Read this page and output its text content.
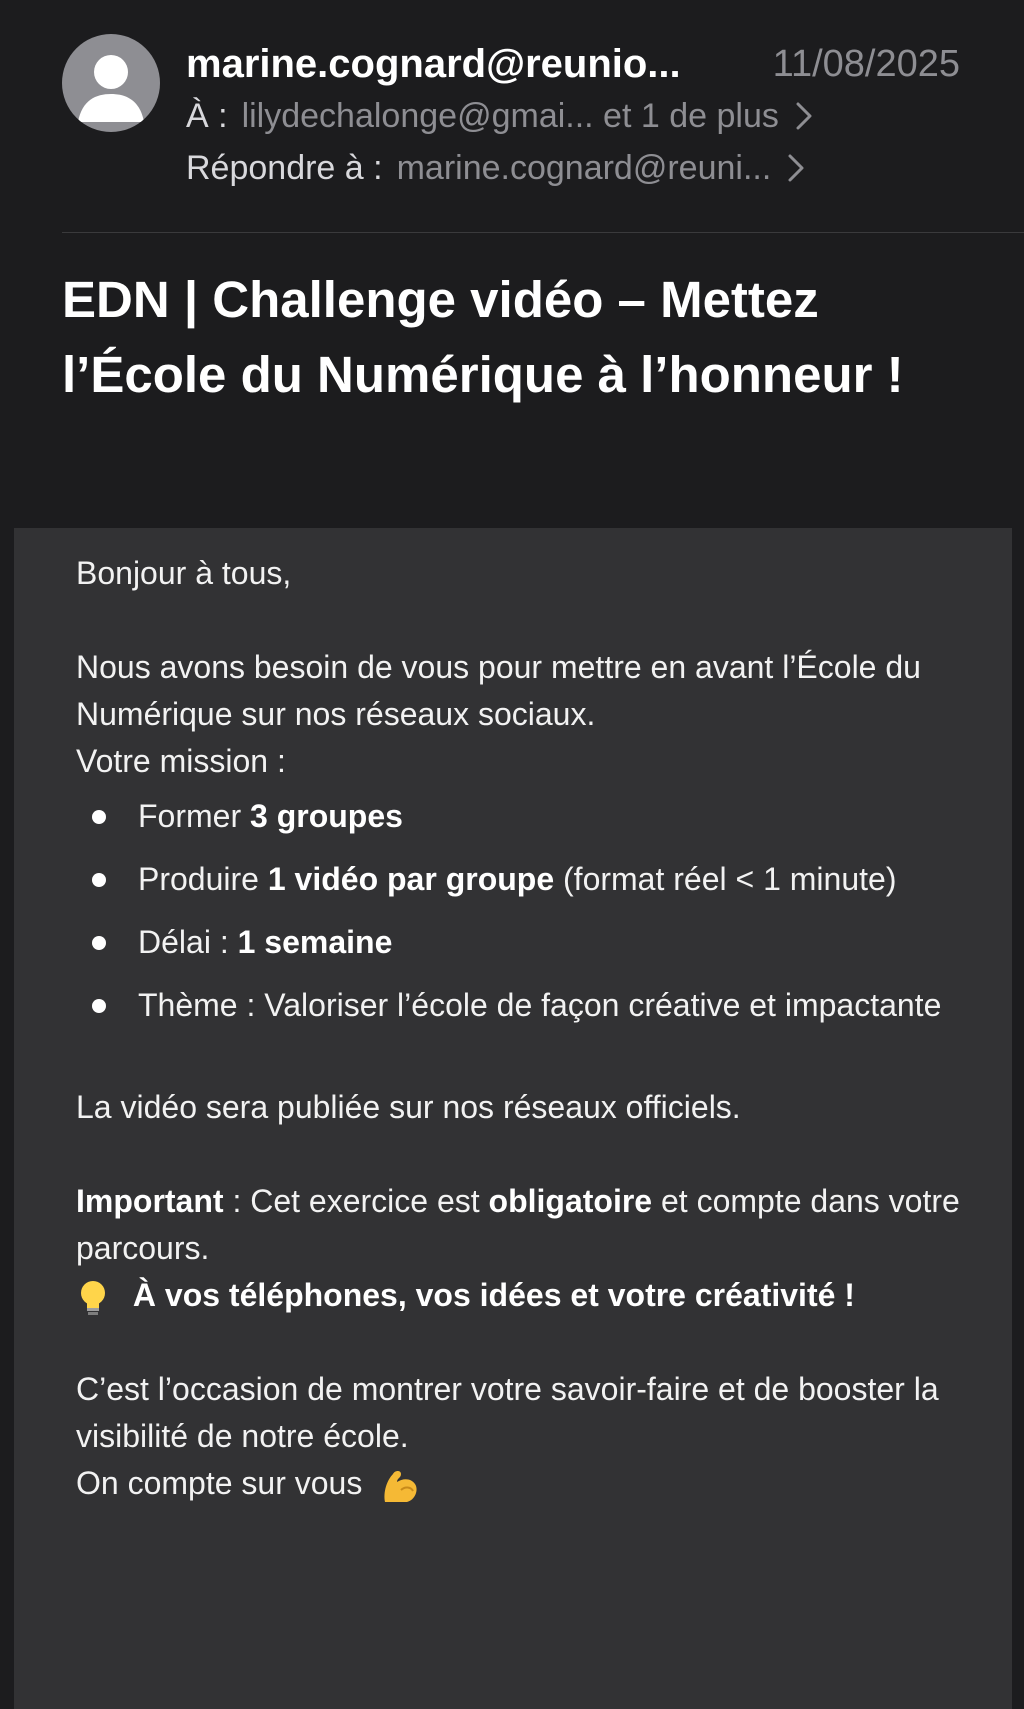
marine.cognard@reunio...	11/08/2025
À : lilydechalonge@gmai... et 1 de plus
Répondre à : marine.cognard@reuni...
EDN | Challenge vidéo – Mettez l’École du Numérique à l’honneur !

Bonjour à tous,

Nous avons besoin de vous pour mettre en avant l’École du Numérique sur nos réseaux sociaux.

Votre mission :

Former 3 groupes
Produire 1 vidéo par groupe (format réel < 1 minute)
Délai : 1 semaine
Thème : Valoriser l’école de façon créative et impactante

La vidéo sera publiée sur nos réseaux officiels.

Important : Cet exercice est obligatoire et compte dans votre parcours.

À vos téléphones, vos idées et votre créativité !

C’est l’occasion de montrer votre savoir-faire et de booster la visibilité de notre école.

On compte sur vous
